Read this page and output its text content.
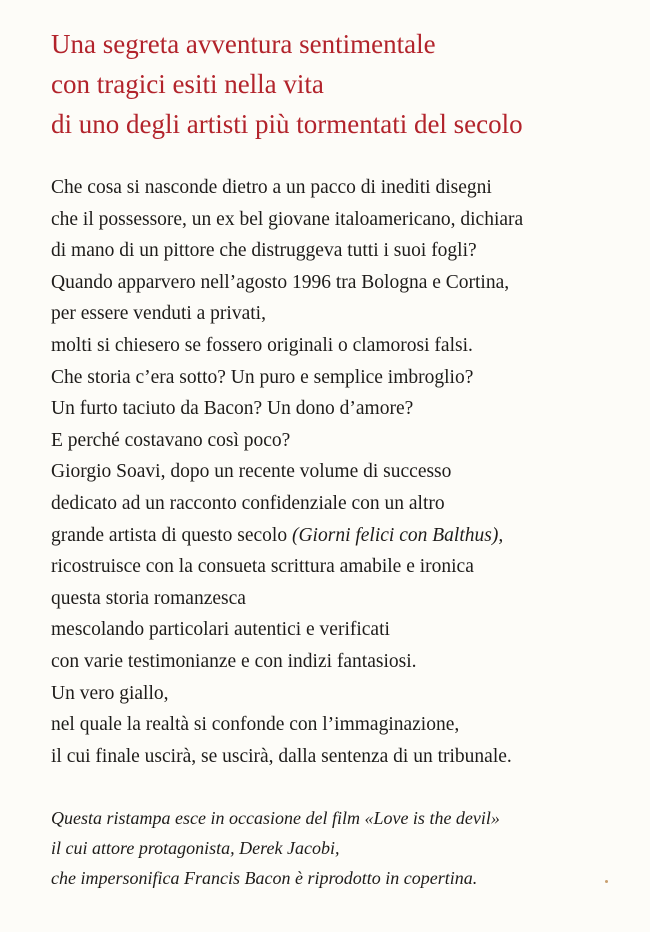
Una segreta avventura sentimentale
con tragici esiti nella vita
di uno degli artisti più tormentati del secolo
Che cosa si nasconde dietro a un pacco di inediti disegni
che il possessore, un ex bel giovane italoamericano, dichiara
di mano di un pittore che distruggeva tutti i suoi fogli?
Quando apparvero nell’agosto 1996 tra Bologna e Cortina,
per essere venduti a privati,
molti si chiesero se fossero originali o clamorosi falsi.
Che storia c’era sotto? Un puro e semplice imbroglio?
Un furto taciuto da Bacon? Un dono d’amore?
E perché costavano così poco?
Giorgio Soavi, dopo un recente volume di successo
dedicato ad un racconto confidenziale con un altro
grande artista di questo secolo (Giorni felici con Balthus),
ricostruisce con la consueta scrittura amabile e ironica
questa storia romanzesca
mescolando particolari autentici e verificati
con varie testimonianze e con indizi fantasiosi.
Un vero giallo,
nel quale la realtà si confonde con l’immaginazione,
il cui finale uscirà, se uscirà, dalla sentenza di un tribunale.
Questa ristampa esce in occasione del film «Love is the devil»
il cui attore protagonista, Derek Jacobi,
che impersonifica Francis Bacon è riprodotto in copertina.
